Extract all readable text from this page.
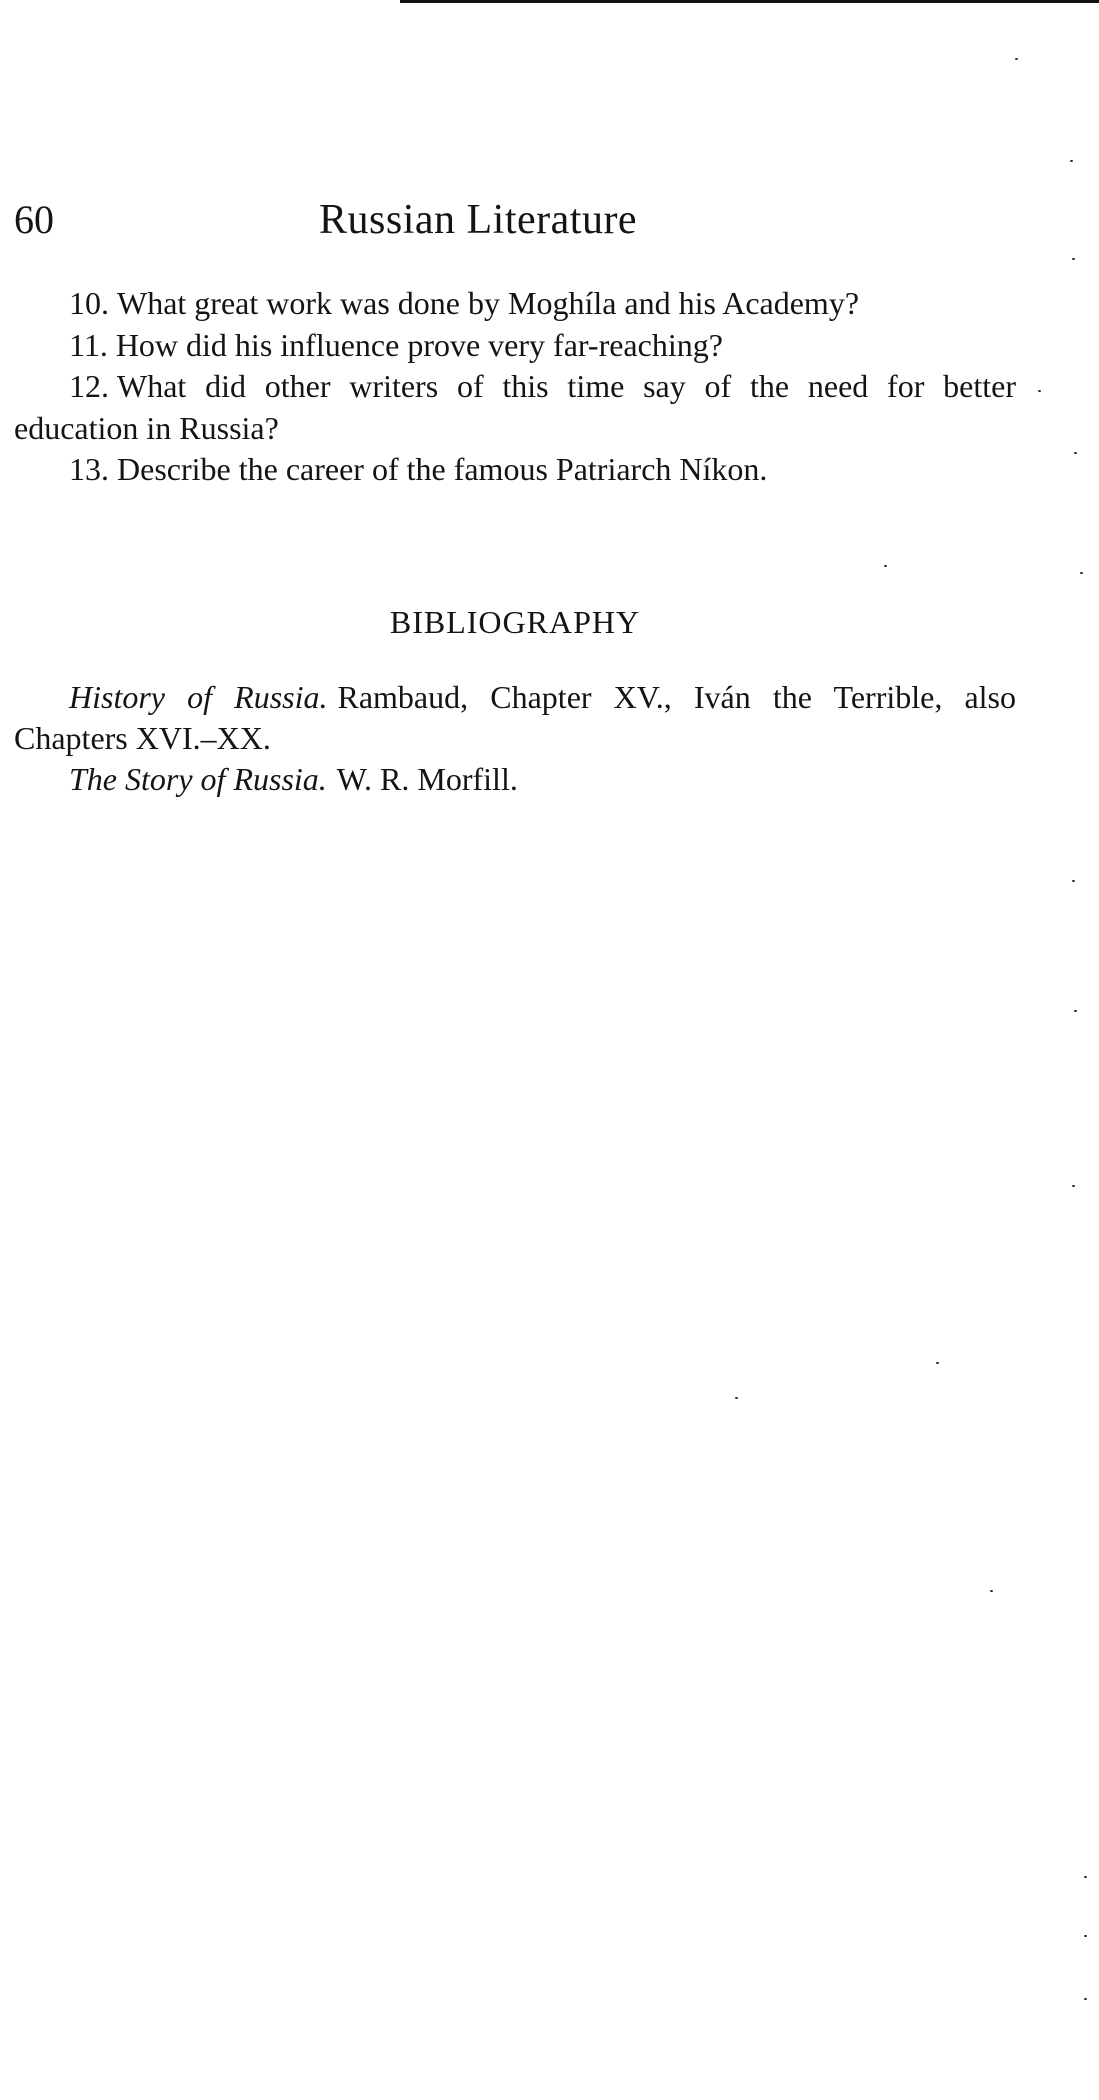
60	Russian Literature

10. What great work was done by Moghíla and his Academy?

11. How did his influence prove very far-reaching?

12. What did other writers of this time say of the need for better education in Russia?

13. Describe the career of the famous Patriarch Níkon.

BIBLIOGRAPHY

History of Russia. Rambaud, Chapter XV., Iván the Terrible, also Chapters XVI.–XX.

The Story of Russia. W. R. Morfill.
